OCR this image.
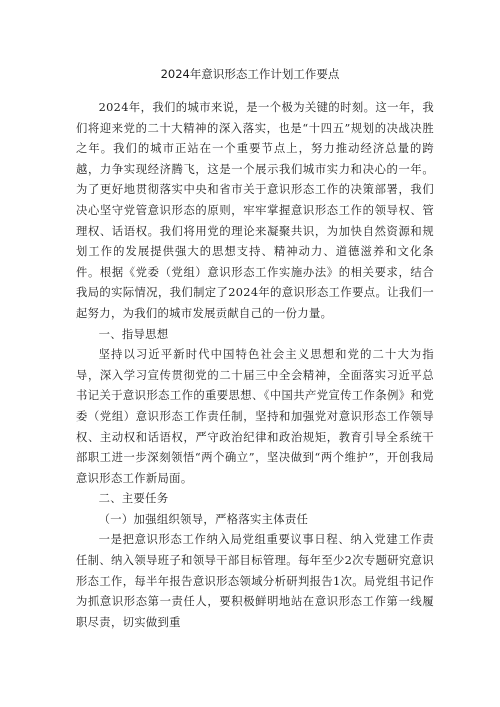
2024年意识形态工作计划工作要点

2024年，我们的城市来说，是一个极为关键的时刻。这一年，我们将迎来党的二十大精神的深入落实，也是“十四五”规划的决战决胜之年。我们的城市正站在一个重要节点上，努力推动经济总量的跨越，力争实现经济腾飞，这是一个展示我们城市实力和决心的一年。为了更好地贯彻落实中央和省市关于意识形态工作的决策部署，我们决心坚守党管意识形态的原则，牢牢掌握意识形态工作的领导权、管理权、话语权。我们将用党的理论来凝聚共识，为加快自然资源和规划工作的发展提供强大的思想支持、精神动力、道德滋养和文化条件。根据《党委（党组）意识形态工作实施办法》的相关要求，结合我局的实际情况，我们制定了2024年的意识形态工作要点。让我们一起努力，为我们的城市发展贡献自己的一份力量。

一、指导思想

坚持以习近平新时代中国特色社会主义思想和党的二十大为指导，深入学习宣传贯彻党的二十届三中全会精神，全面落实习近平总书记关于意识形态工作的重要思想、《中国共产党宣传工作条例》和党委（党组）意识形态工作责任制，坚持和加强党对意识形态工作领导权、主动权和话语权，严守政治纪律和政治规矩，教育引导全系统干部职工进一步深刻领悟“两个确立”，坚决做到“两个维护”，开创我局意识形态工作新局面。

二、主要任务

（一）加强组织领导，严格落实主体责任

一是把意识形态工作纳入局党组重要议事日程、纳入党建工作责任制、纳入领导班子和领导干部目标管理。每年至少2次专题研究意识形态工作，每半年报告意识形态领域分析研判报告1次。局党组书记作为抓意识形态第一责任人，要积极鲜明地站在意识形态工作第一线履职尽责，切实做到重
